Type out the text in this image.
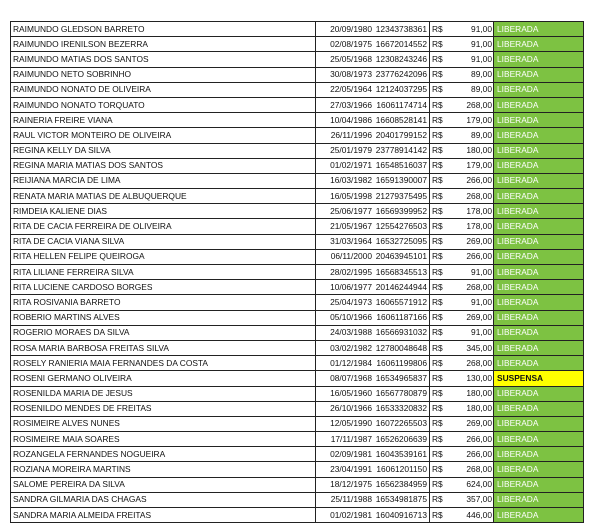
RAIMUNDO GLEDSON BARRETO	20/09/1980	12343738361	R$	91,00	LIBERADA
RAIMUNDO IRENILSON BEZERRA	02/08/1975	16672014552	R$	91,00	LIBERADA
RAIMUNDO MATIAS DOS SANTOS	25/05/1968	12308243246	R$	91,00	LIBERADA
RAIMUNDO NETO SOBRINHO	30/08/1973	23776242096	R$	89,00	LIBERADA
RAIMUNDO NONATO DE OLIVEIRA	22/05/1964	12124037295	R$	89,00	LIBERADA
RAIMUNDO NONATO TORQUATO	27/03/1966	16061174714	R$	268,00	LIBERADA
RAINERIA FREIRE VIANA	10/04/1986	16608528141	R$	179,00	LIBERADA
RAUL VICTOR MONTEIRO DE OLIVEIRA	26/11/1996	20401799152	R$	89,00	LIBERADA
REGINA KELLY DA SILVA	25/01/1979	23778914142	R$	180,00	LIBERADA
REGINA MARIA MATIAS DOS SANTOS	01/02/1971	16548516037	R$	179,00	LIBERADA
REIJIANA MARCIA DE LIMA	16/03/1982	16591390007	R$	266,00	LIBERADA
RENATA MARIA MATIAS DE ALBUQUERQUE	16/05/1998	21279375495	R$	268,00	LIBERADA
RIMDEIA KALIENE DIAS	25/06/1977	16569399952	R$	178,00	LIBERADA
RITA DE CACIA FERREIRA DE OLIVEIRA	21/05/1967	12554276503	R$	178,00	LIBERADA
RITA DE CACIA VIANA SILVA	31/03/1964	16532725095	R$	269,00	LIBERADA
RITA HELLEN FELIPE QUEIROGA	06/11/2000	20463945101	R$	266,00	LIBERADA
RITA LILIANE FERREIRA SILVA	28/02/1995	16568345513	R$	91,00	LIBERADA
RITA LUCIENE CARDOSO BORGES	10/06/1977	20146244944	R$	268,00	LIBERADA
RITA ROSIVANIA BARRETO	25/04/1973	16065571912	R$	91,00	LIBERADA
ROBERIO MARTINS ALVES	05/10/1966	16061187166	R$	269,00	LIBERADA
ROGERIO MORAES DA SILVA	24/03/1988	16566931032	R$	91,00	LIBERADA
ROSA MARIA BARBOSA FREITAS SILVA	03/02/1982	12780048648	R$	345,00	LIBERADA
ROSELY RANIERIA MAIA FERNANDES DA COSTA	01/12/1984	16061199806	R$	268,00	LIBERADA
ROSENI GERMANO OLIVEIRA	08/07/1968	16534965837	R$	130,00	SUSPENSA
ROSENILDA MARIA DE JESUS	16/05/1960	16567780879	R$	180,00	LIBERADA
ROSENILDO MENDES DE FREITAS	26/10/1966	16533320832	R$	180,00	LIBERADA
ROSIMEIRE ALVES NUNES	12/05/1990	16072265503	R$	269,00	LIBERADA
ROSIMEIRE MAIA SOARES	17/11/1987	16526206639	R$	266,00	LIBERADA
ROZANGELA FERNANDES NOGUEIRA	02/09/1981	16043539161	R$	266,00	LIBERADA
ROZIANA MOREIRA MARTINS	23/04/1991	16061201150	R$	268,00	LIBERADA
SALOME PEREIRA DA SILVA	18/12/1975	16562384959	R$	624,00	LIBERADA
SANDRA GILMARIA DAS CHAGAS	25/11/1988	16534981875	R$	357,00	LIBERADA
SANDRA MARIA ALMEIDA FREITAS	01/02/1981	16040916713	R$	446,00	LIBERADA
